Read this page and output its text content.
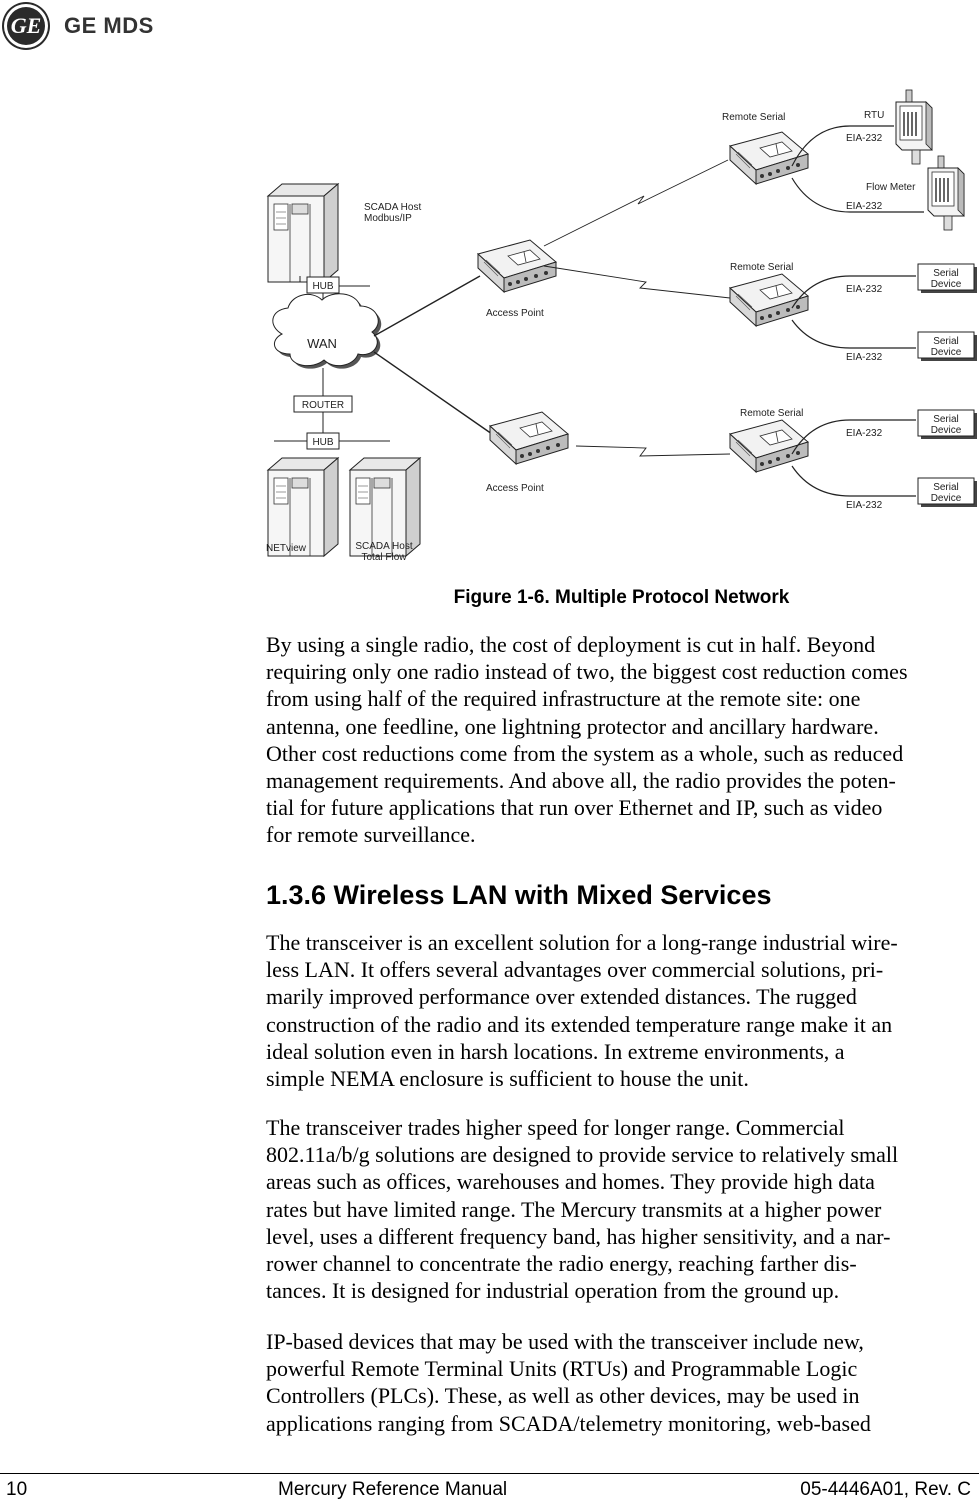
GE	GE MDS
SCADA Host
Modbus/IP
HUB
WAN
ROUTER
HUB
NETview	SCADA Host
Total Flow
Access Point
Access Point
Remote Serial
Remote Serial
Remote Serial
EIA-232
EIA-232
EIA-232
EIA-232
EIA-232
EIA-232
RTU
Flow Meter
Serial
Device
Serial
Device
Serial
Device
Serial
Device
Figure 1-6. Multiple Protocol Network

By using a single radio, the cost of deployment is cut in half. Beyond
requiring only one radio instead of two, the biggest cost reduction comes
from using half of the required infrastructure at the remote site: one
antenna, one feedline, one lightning protector and ancillary hardware.
Other cost reductions come from the system as a whole, such as reduced
management requirements. And above all, the radio provides the poten-
tial for future applications that run over Ethernet and IP, such as video
for remote surveillance.

1.3.6 Wireless LAN with Mixed Services

The transceiver is an excellent solution for a long-range industrial wire-
less LAN. It offers several advantages over commercial solutions, pri-
marily improved performance over extended distances. The rugged
construction of the radio and its extended temperature range make it an
ideal solution even in harsh locations. In extreme environments, a
simple NEMA enclosure is sufficient to house the unit.

The transceiver trades higher speed for longer range. Commercial
802.11a/b/g solutions are designed to provide service to relatively small
areas such as offices, warehouses and homes. They provide high data
rates but have limited range. The Mercury transmits at a higher power
level, uses a different frequency band, has higher sensitivity, and a nar-
rower channel to concentrate the radio energy, reaching farther dis-
tances. It is designed for industrial operation from the ground up.

IP-based devices that may be used with the transceiver include new,
powerful Remote Terminal Units (RTUs) and Programmable Logic
Controllers (PLCs). These, as well as other devices, may be used in
applications ranging from SCADA/telemetry monitoring, web-based

10	Mercury Reference Manual	05-4446A01, Rev. C
